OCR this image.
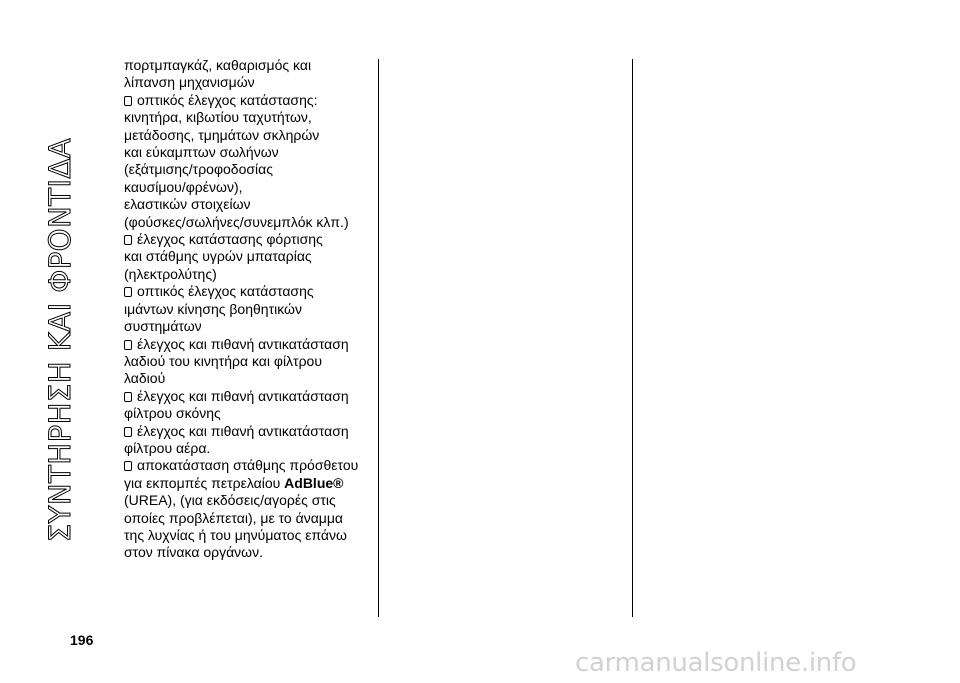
ΣΥΝΤΗΡΗΣΗ ΚΑΙ ΦΡΟΝΤΙΔΑ
πορτμπαγκάζ, καθαρισμός και
λίπανση μηχανισμών
οπτικός έλεγχος κατάστασης:
κινητήρα, κιβωτίου ταχυτήτων,
μετάδοσης, τμημάτων σκληρών
και εύκαμπτων σωλήνων
(εξάτμισης/τροφοδοσίας
καυσίμου/φρένων),
ελαστικών στοιχείων
(φούσκες/σωλήνες/συνεμπλόκ κλπ.)
έλεγχος κατάστασης φόρτισης
και στάθμης υγρών μπαταρίας
(ηλεκτρολύτης)
οπτικός έλεγχος κατάστασης
ιμάντων κίνησης βοηθητικών
συστημάτων
έλεγχος και πιθανή αντικατάσταση
λαδιού του κινητήρα και φίλτρου
λαδιού
έλεγχος και πιθανή αντικατάσταση
φίλτρου σκόνης
έλεγχος και πιθανή αντικατάσταση
φίλτρου αέρα.
αποκατάσταση στάθμης πρόσθετου
για εκπομπές πετρελαίου AdBlue®
(UREA), (για εκδόσεις/αγορές στις
οποίες προβλέπεται), με το άναμμα
της λυχνίας ή του μηνύματος επάνω
στον πίνακα οργάνων.
196
carmanualsonline.info
